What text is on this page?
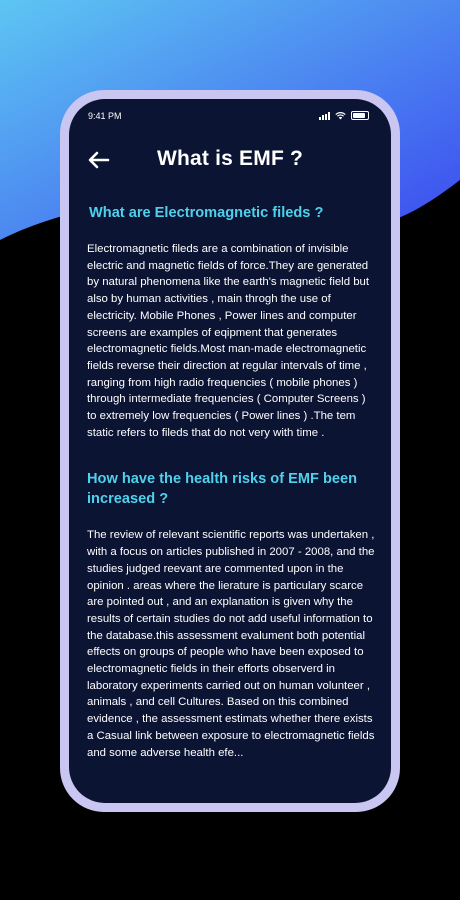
9:41 PM
What is EMF ?
What are Electromagnetic fileds ?

Electromagnetic fileds are a combination of invisible electric and magnetic fields of force.They are generated by natural phenomena like the earth's magnetic field but also by human activities , main throgh the use of electricity. Mobile Phones , Power lines and computer screens are examples of eqipment that generates electromagnetic fields.Most man-made electromagnetic fields reverse their direction at regular intervals of time , ranging from high radio frequencies ( mobile phones ) through intermediate frequencies ( Computer Screens ) to extremely low frequencies ( Power lines ) .The tem static refers to fileds that do not very with time .

How have the health risks of EMF been increased ?

The review of relevant scientific reports was undertaken , with a focus on articles published in 2007 - 2008, and the studies judged reevant are commented upon in the opinion . areas where the lierature is particulary scarce are pointed out , and an explanation is given why the results of certain studies do not add useful information to the database.this assessment evalument both potential effects on groups of people who have been exposed to electromagnetic fields in their efforts observerd in laboratory experiments carried out on human volunteer , animals , and cell Cultures. Based on this combined evidence , the assessment estimats whether there exists a Casual link between exposure to electromagnetic fields and some adverse health efe...
